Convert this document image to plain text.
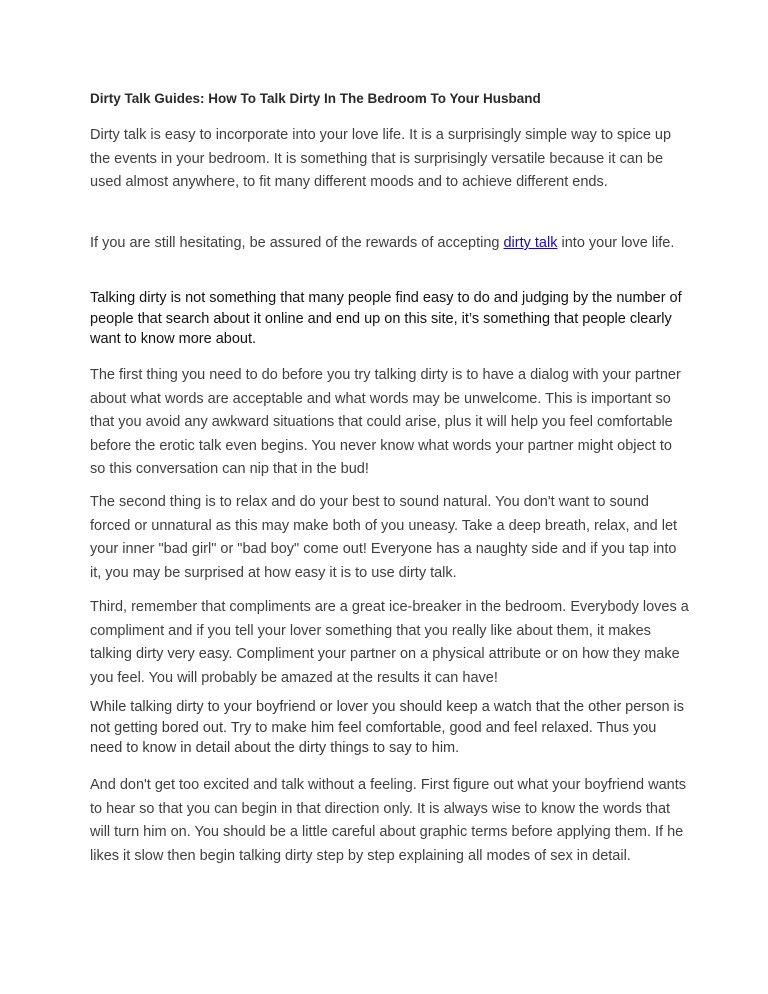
Dirty Talk Guides: How To Talk Dirty In The Bedroom To Your Husband

Dirty talk is easy to incorporate into your love life. It is a surprisingly simple way to spice up the events in your bedroom. It is something that is surprisingly versatile because it can be used almost anywhere, to fit many different moods and to achieve different ends.

If you are still hesitating, be assured of the rewards of accepting dirty talk into your love life.

Talking dirty is not something that many people find easy to do and judging by the number of people that search about it online and end up on this site, it’s something that people clearly want to know more about.

The first thing you need to do before you try talking dirty is to have a dialog with your partner about what words are acceptable and what words may be unwelcome. This is important so that you avoid any awkward situations that could arise, plus it will help you feel comfortable before the erotic talk even begins. You never know what words your partner might object to so this conversation can nip that in the bud!

The second thing is to relax and do your best to sound natural. You don't want to sound forced or unnatural as this may make both of you uneasy. Take a deep breath, relax, and let your inner "bad girl" or "bad boy" come out! Everyone has a naughty side and if you tap into it, you may be surprised at how easy it is to use dirty talk.

Third, remember that compliments are a great ice-breaker in the bedroom. Everybody loves a compliment and if you tell your lover something that you really like about them, it makes talking dirty very easy. Compliment your partner on a physical attribute or on how they make you feel. You will probably be amazed at the results it can have!

While talking dirty to your boyfriend or lover you should keep a watch that the other person is not getting bored out. Try to make him feel comfortable, good and feel relaxed. Thus you need to know in detail about the dirty things to say to him.

And don't get too excited and talk without a feeling. First figure out what your boyfriend wants to hear so that you can begin in that direction only. It is always wise to know the words that will turn him on. You should be a little careful about graphic terms before applying them. If he likes it slow then begin talking dirty step by step explaining all modes of sex in detail.
